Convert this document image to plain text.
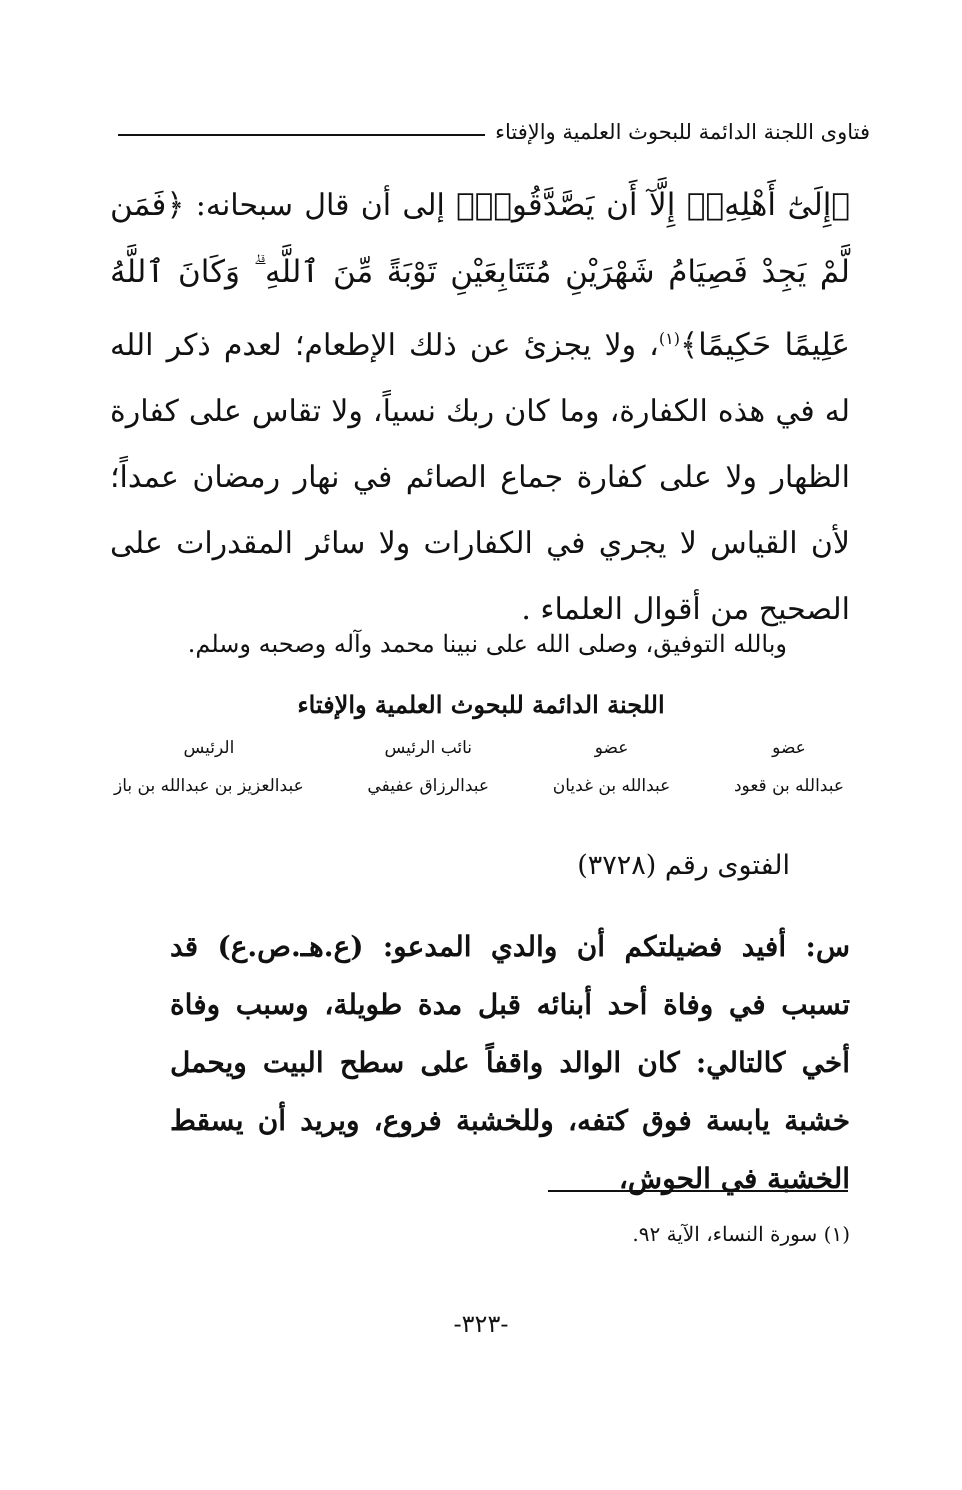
فتاوى اللجنة الدائمة للبحوث العلمية والإفتاء

﴿إِلَىٰٓ أَهْلِهِۦٓ إِلَّآ أَن يَصَّدَّقُوا۟﴾ إلى أن قال سبحانه: ﴿فَمَن لَّمْ يَجِدْ فَصِيَامُ شَهْرَيْنِ مُتَتَابِعَيْنِ تَوْبَةً مِّنَ ٱللَّهِ ۗ وَكَانَ ٱللَّهُ عَلِيمًا حَكِيمًا﴾$^{(١)}$، ولا يجزئ عن ذلك الإطعام؛ لعدم ذكر الله له في هذه الكفارة، وما كان ربك نسياً، ولا تقاس على كفارة الظهار ولا على كفارة جماع الصائم في نهار رمضان عمداً؛ لأن القياس لا يجري في الكفارات ولا سائر المقدرات على الصحيح من أقوال العلماء .

وبالله التوفيق، وصلى الله على نبينا محمد وآله وصحبه وسلم.
اللجنة الدائمة للبحوث العلمية والإفتاء
عضو
عبدالله بن قعود
عضو
عبدالله بن غديان
نائب الرئيس
عبدالرزاق عفيفي
الرئيس
عبدالعزيز بن عبدالله بن باز
الفتوى رقم (٣٧٢٨)

س: أفيد فضيلتكم أن والدي المدعو: (ع.هـ.ص.ع) قد تسبب في وفاة أحد أبنائه قبل مدة طويلة، وسبب وفاة أخي كالتالي: كان الوالد واقفاً على سطح البيت ويحمل خشبة يابسة فوق كتفه، وللخشبة فروع، ويريد أن يسقط الخشبة في الحوش،

(١) سورة النساء، الآية ٩٢.
-٣٢٣-
